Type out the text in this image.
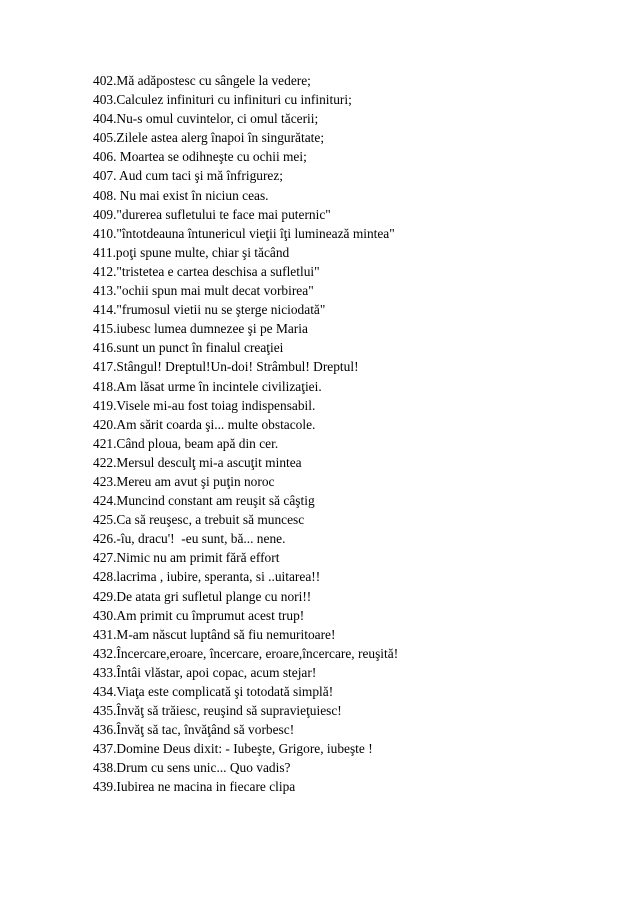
402.Mă adăpostesc cu sângele la vedere;
403.Calculez infinituri cu infinituri cu infinituri;
404.Nu-s omul cuvintelor, ci omul tăcerii;
405.Zilele astea alerg înapoi în singurătate;
406. Moartea se odihneşte cu ochii mei;
407. Aud cum taci şi mă înfrigurez;
408. Nu mai exist în niciun ceas.
409."durerea sufletului te face mai puternic"
410."întotdeauna întunericul vieţii îţi luminează mintea"
411.poţi spune multe, chiar şi tăcând
412."tristetea e cartea deschisa a sufletlui"
413."ochii spun mai mult decat vorbirea"
414."frumosul vietii nu se şterge niciodată"
415.iubesc lumea dumnezee şi pe Maria
416.sunt un punct în finalul creaţiei
417.Stângul! Dreptul!Un-doi! Strâmbul! Dreptul!
418.Am lăsat urme în incintele civilizaţiei.
419.Visele mi-au fost toiag indispensabil.
420.Am sărit coarda şi... multe obstacole.
421.Când ploua, beam apă din cer.
422.Mersul desculţ mi-a ascuţit mintea
423.Mereu am avut şi puţin noroc
424.Muncind constant am reuşit să câştig
425.Ca să reuşesc, a trebuit să muncesc
426.-îu, dracu'!  -eu sunt, bă... nene.
427.Nimic nu am primit fără effort
428.lacrima , iubire, speranta, si ..uitarea!!
429.De atata gri sufletul plange cu nori!!
430.Am primit cu împrumut acest trup!
431.M-am născut luptând să fiu nemuritoare!
432.Încercare,eroare, încercare, eroare,încercare, reuşită!
433.Întâi vlăstar, apoi copac, acum stejar!
434.Viaţa este complicată şi totodată simplă!
435.Învăţ să trăiesc, reuşind să supravieţuiesc!
436.Învăţ să tac, învăţând să vorbesc!
437.Domine Deus dixit: - Iubeşte, Grigore, iubeşte !
438.Drum cu sens unic... Quo vadis?
439.Iubirea ne macina in fiecare clipa
